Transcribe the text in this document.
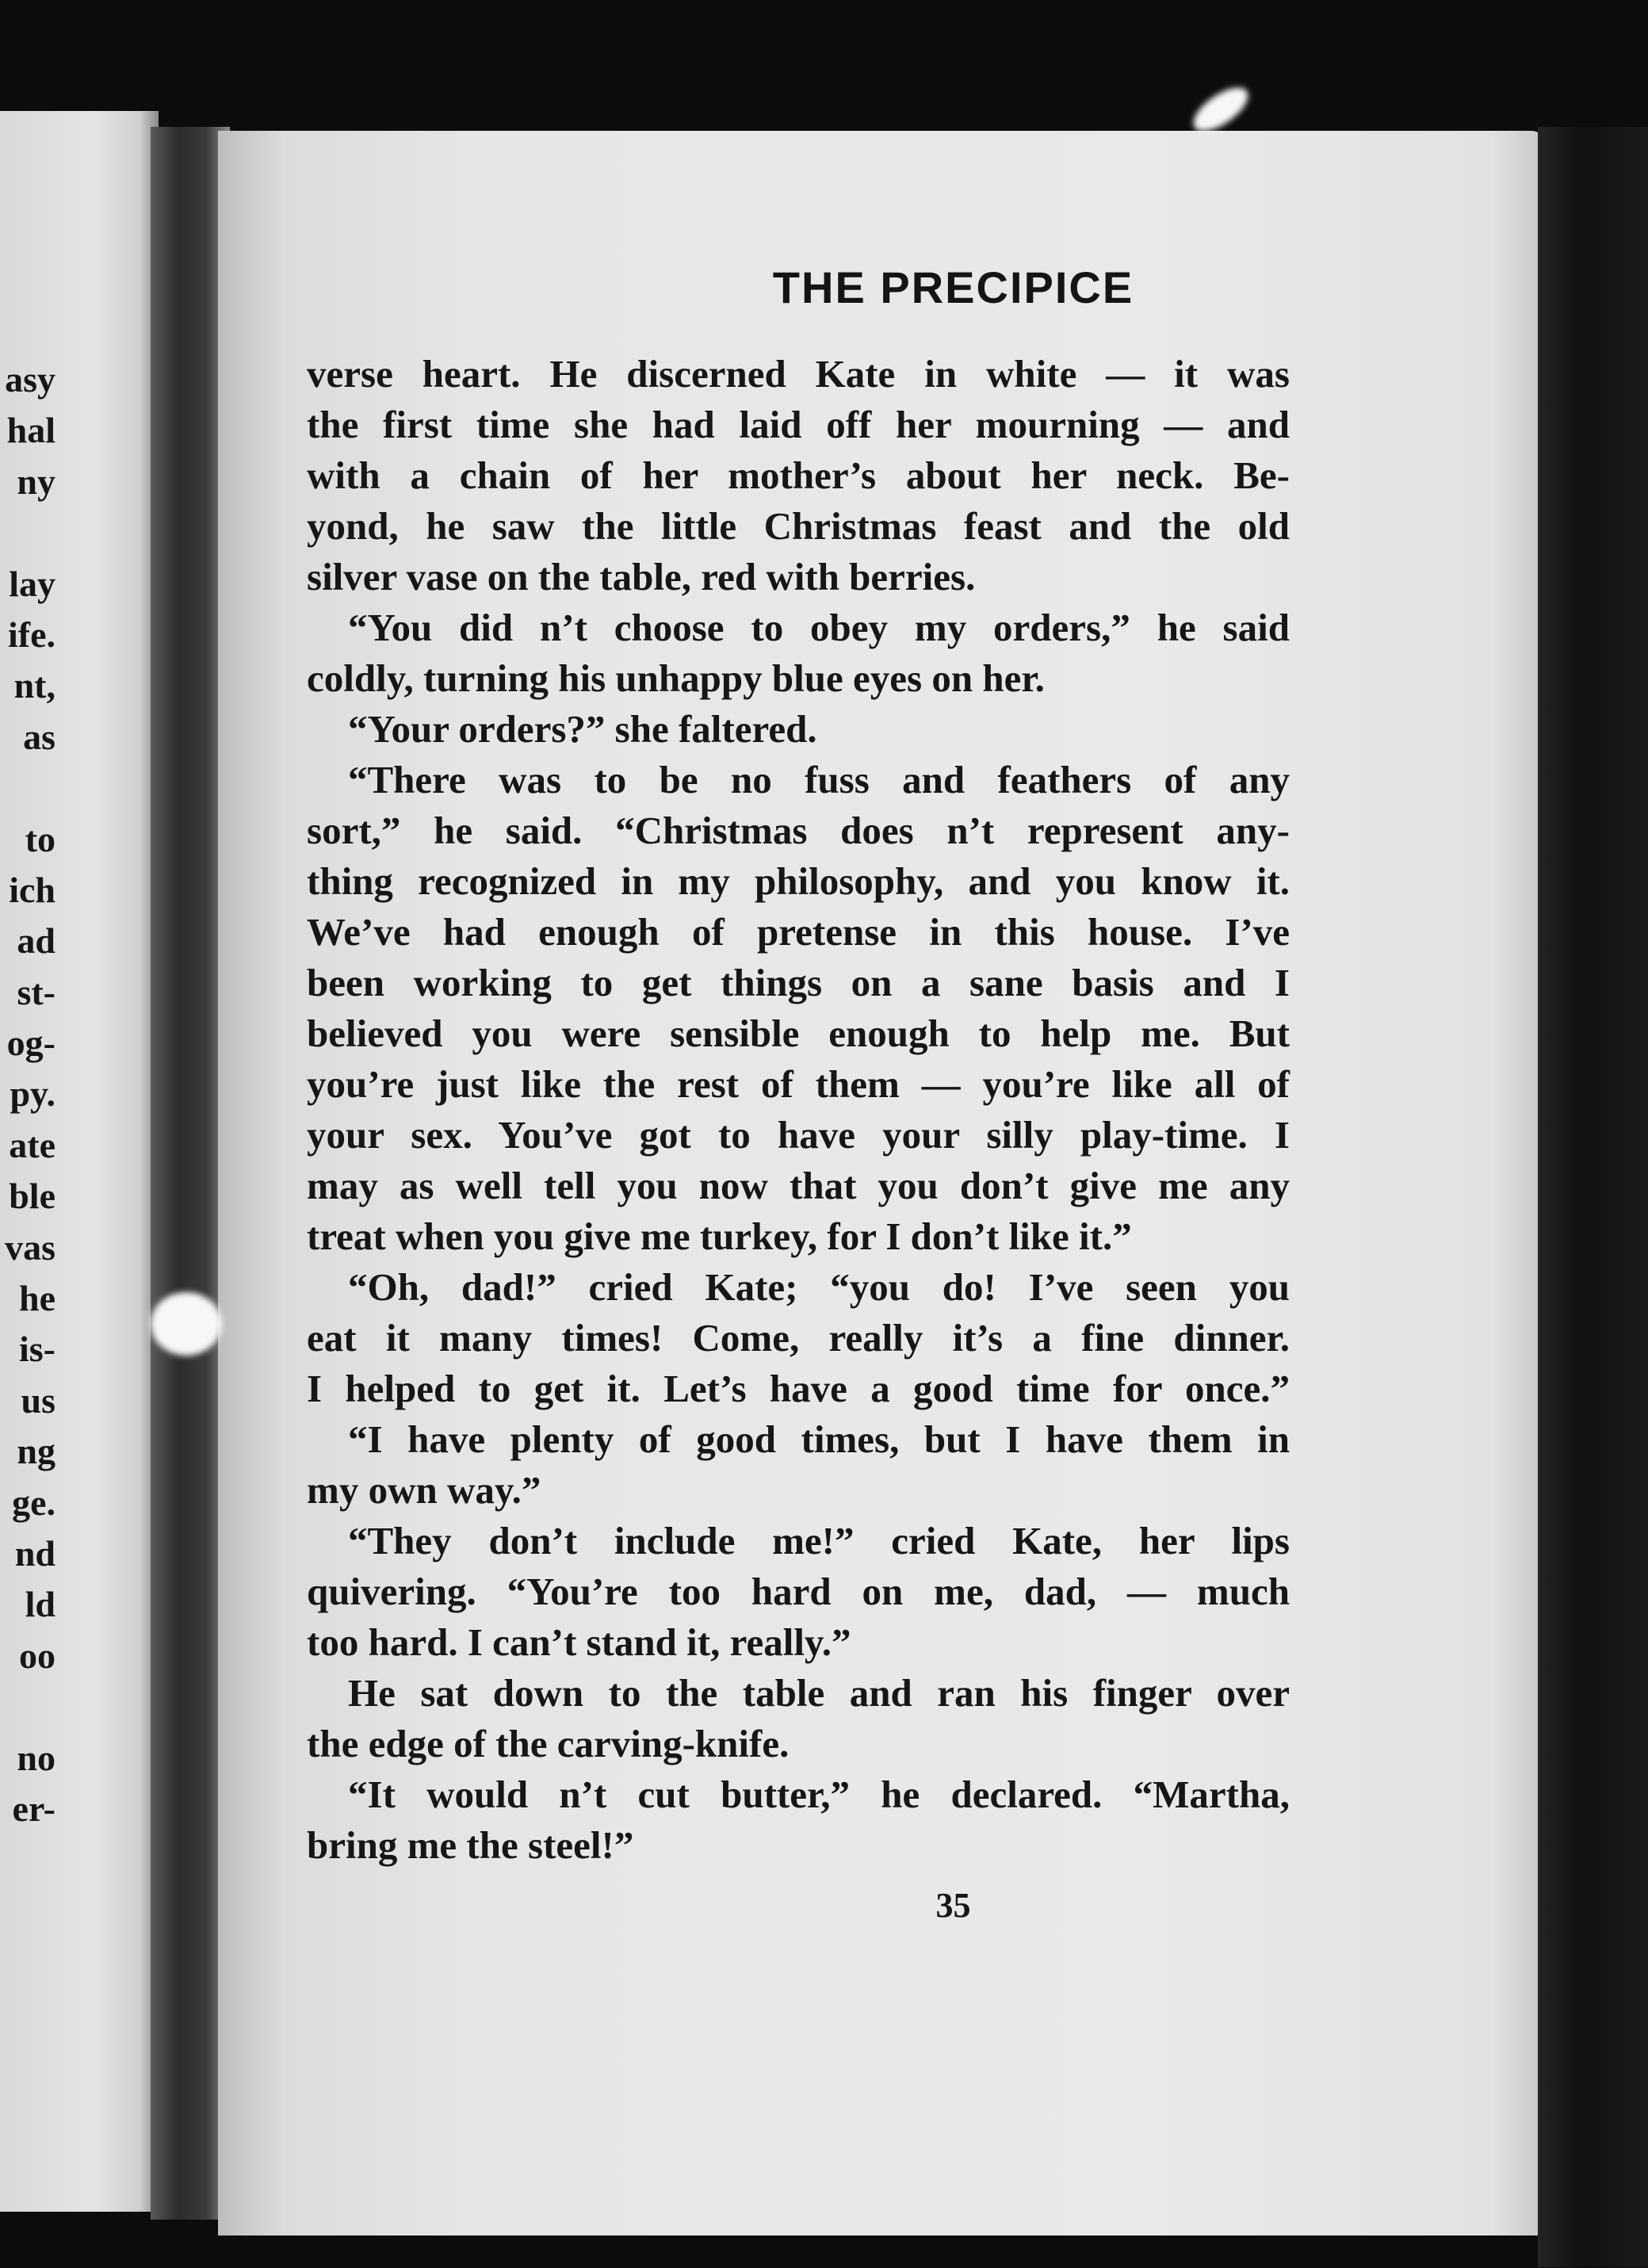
asy
hal
ny
lay
ife.
nt,
as
to
ich
ad
st-
og-
py.
ate
ble
vas
he
is-
us
ng
ge.
nd
ld
oo
no
er-
THE PRECIPICE
verse heart. He discerned Kate in white — it was
the first time she had laid off her mourning — and
with a chain of her mother’s about her neck. Be-
yond, he saw the little Christmas feast and the old
silver vase on the table, red with berries.
“You did n’t choose to obey my orders,” he said
coldly, turning his unhappy blue eyes on her.
“Your orders?” she faltered.
“There was to be no fuss and feathers of any
sort,” he said. “Christmas does n’t represent any-
thing recognized in my philosophy, and you know it.
We’ve had enough of pretense in this house. I’ve
been working to get things on a sane basis and I
believed you were sensible enough to help me. But
you’re just like the rest of them — you’re like all of
your sex. You’ve got to have your silly play-time. I
may as well tell you now that you don’t give me any
treat when you give me turkey, for I don’t like it.”
“Oh, dad!” cried Kate; “you do! I’ve seen you
eat it many times! Come, really it’s a fine dinner.
I helped to get it. Let’s have a good time for once.”
“I have plenty of good times, but I have them in
my own way.”
“They don’t include me!” cried Kate, her lips
quivering. “You’re too hard on me, dad, — much
too hard. I can’t stand it, really.”
He sat down to the table and ran his finger over
the edge of the carving-knife.
“It would n’t cut butter,” he declared. “Martha,
bring me the steel!”
35
